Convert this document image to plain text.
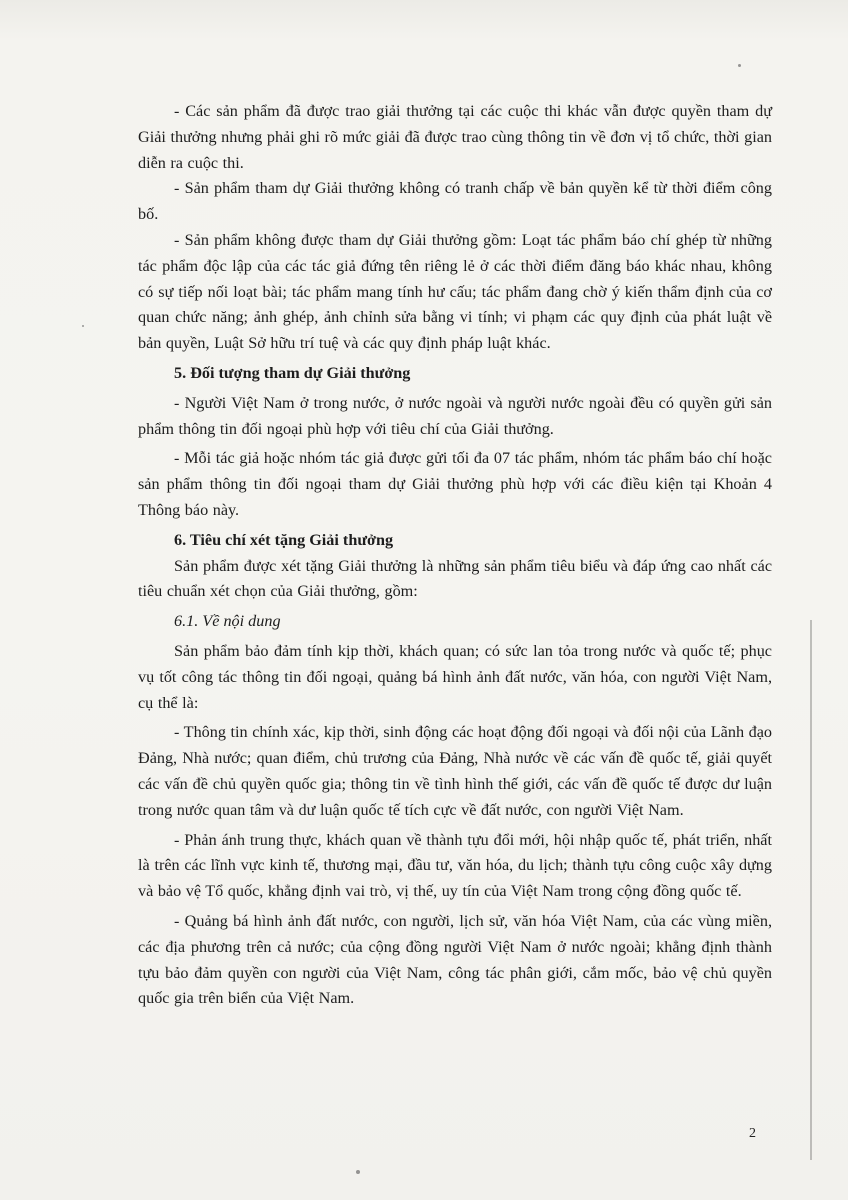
- Các sản phẩm đã được trao giải thưởng tại các cuộc thi khác vẫn được quyền tham dự Giải thưởng nhưng phải ghi rõ mức giải đã được trao cùng thông tin về đơn vị tổ chức, thời gian diễn ra cuộc thi.

- Sản phẩm tham dự Giải thưởng không có tranh chấp về bản quyền kể từ thời điểm công bố.

- Sản phẩm không được tham dự Giải thưởng gồm: Loạt tác phẩm báo chí ghép từ những tác phẩm độc lập của các tác giả đứng tên riêng lẻ ở các thời điểm đăng báo khác nhau, không có sự tiếp nối loạt bài; tác phẩm mang tính hư cấu; tác phẩm đang chờ ý kiến thẩm định của cơ quan chức năng; ảnh ghép, ảnh chỉnh sửa bằng vi tính; vi phạm các quy định của phát luật về bản quyền, Luật Sở hữu trí tuệ và các quy định pháp luật khác.

5. Đối tượng tham dự Giải thưởng

- Người Việt Nam ở trong nước, ở nước ngoài và người nước ngoài đều có quyền gửi sản phẩm thông tin đối ngoại phù hợp với tiêu chí của Giải thưởng.

- Mỗi tác giả hoặc nhóm tác giả được gửi tối đa 07 tác phẩm, nhóm tác phẩm báo chí hoặc sản phẩm thông tin đối ngoại tham dự Giải thưởng phù hợp với các điều kiện tại Khoản 4 Thông báo này.

6. Tiêu chí xét tặng Giải thưởng

Sản phẩm được xét tặng Giải thưởng là những sản phẩm tiêu biểu và đáp ứng cao nhất các tiêu chuẩn xét chọn của Giải thưởng, gồm:

6.1. Về nội dung

Sản phẩm bảo đảm tính kịp thời, khách quan; có sức lan tỏa trong nước và quốc tế; phục vụ tốt công tác thông tin đối ngoại, quảng bá hình ảnh đất nước, văn hóa, con người Việt Nam, cụ thể là:

- Thông tin chính xác, kịp thời, sinh động các hoạt động đối ngoại và đối nội của Lãnh đạo Đảng, Nhà nước; quan điểm, chủ trương của Đảng, Nhà nước về các vấn đề quốc tế, giải quyết các vấn đề chủ quyền quốc gia; thông tin về tình hình thế giới, các vấn đề quốc tế được dư luận trong nước quan tâm và dư luận quốc tế tích cực về đất nước, con người Việt Nam.

- Phản ánh trung thực, khách quan về thành tựu đổi mới, hội nhập quốc tế, phát triển, nhất là trên các lĩnh vực kinh tế, thương mại, đầu tư, văn hóa, du lịch; thành tựu công cuộc xây dựng và bảo vệ Tổ quốc, khẳng định vai trò, vị thế, uy tín của Việt Nam trong cộng đồng quốc tế.

- Quảng bá hình ảnh đất nước, con người, lịch sử, văn hóa Việt Nam, của các vùng miền, các địa phương trên cả nước; của cộng đồng người Việt Nam ở nước ngoài; khẳng định thành tựu bảo đảm quyền con người của Việt Nam, công tác phân giới, cắm mốc, bảo vệ chủ quyền quốc gia trên biển của Việt Nam.

2
